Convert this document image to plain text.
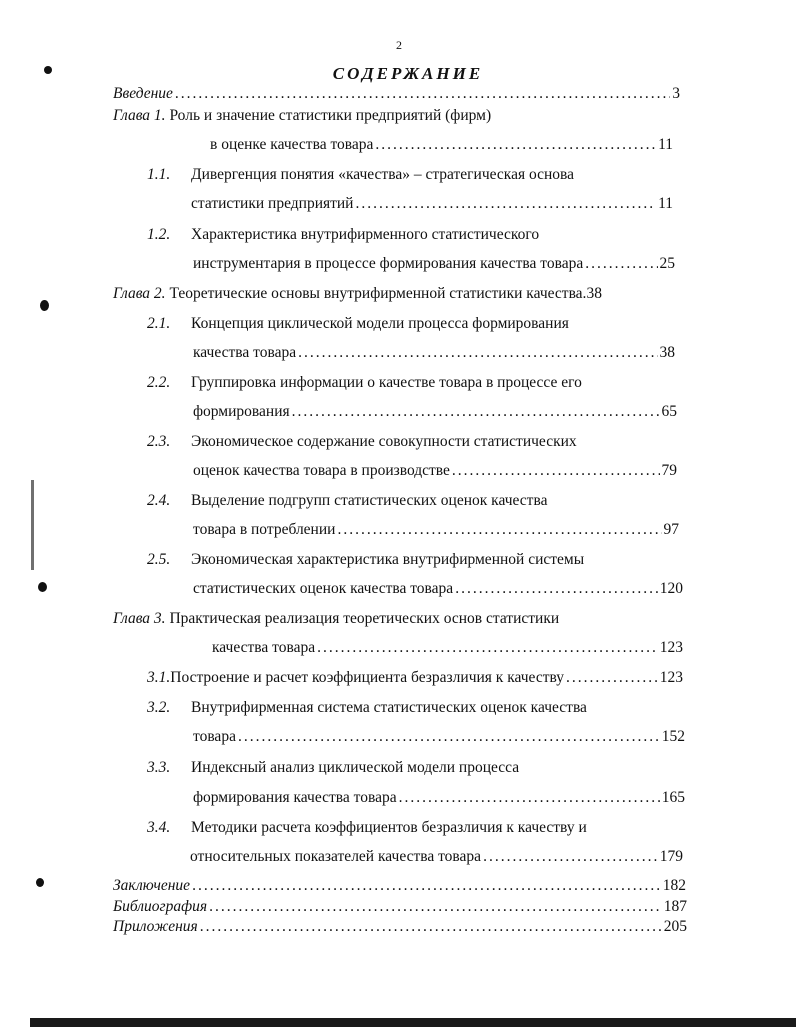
2
СОДЕРЖАНИЕ
Введение .....	3
Глава 1.
Роль и значение статистики предприятий (фирм)
в оценке качества товара .....	11
1.1.	Дивергенция понятия «качества» – стратегическая основа
статистики предприятий .....	11
1.2.	Характеристика внутрифирменного статистического
инструментария в процессе формирования качества товара .....	25
Глава 2.
Теоретические основы внутрифирменной статистики качества. 38
2.1.	Концепция циклической модели процесса формирования
качества товара .....	38
2.2.	Группировка информации о качестве товара в процессе его
формирования .....	65
2.3.	Экономическое содержание совокупности статистических
оценок качества товара в производстве .....	79
2.4.	Выделение подгрупп статистических оценок качества
товара в потреблении .....	97
2.5.	Экономическая характеристика внутрифирменной системы
статистических оценок качества товара .....	120
Глава 3.
Практическая реализация теоретических основ статистики
качества товара .....	123
3.1. Построение и расчет коэффициента безразличия к качеству .....	123
3.2.	Внутрифирменная система статистических оценок качества
товара .....	152
3.3.	Индексный анализ циклической модели процесса
формирования качества товара .....	165
3.4.	Методики расчета коэффициентов безразличия к качеству и
относительных показателей качества товара .....	179
Заключение .....	182
Библиография .....	187
Приложения .....	205
